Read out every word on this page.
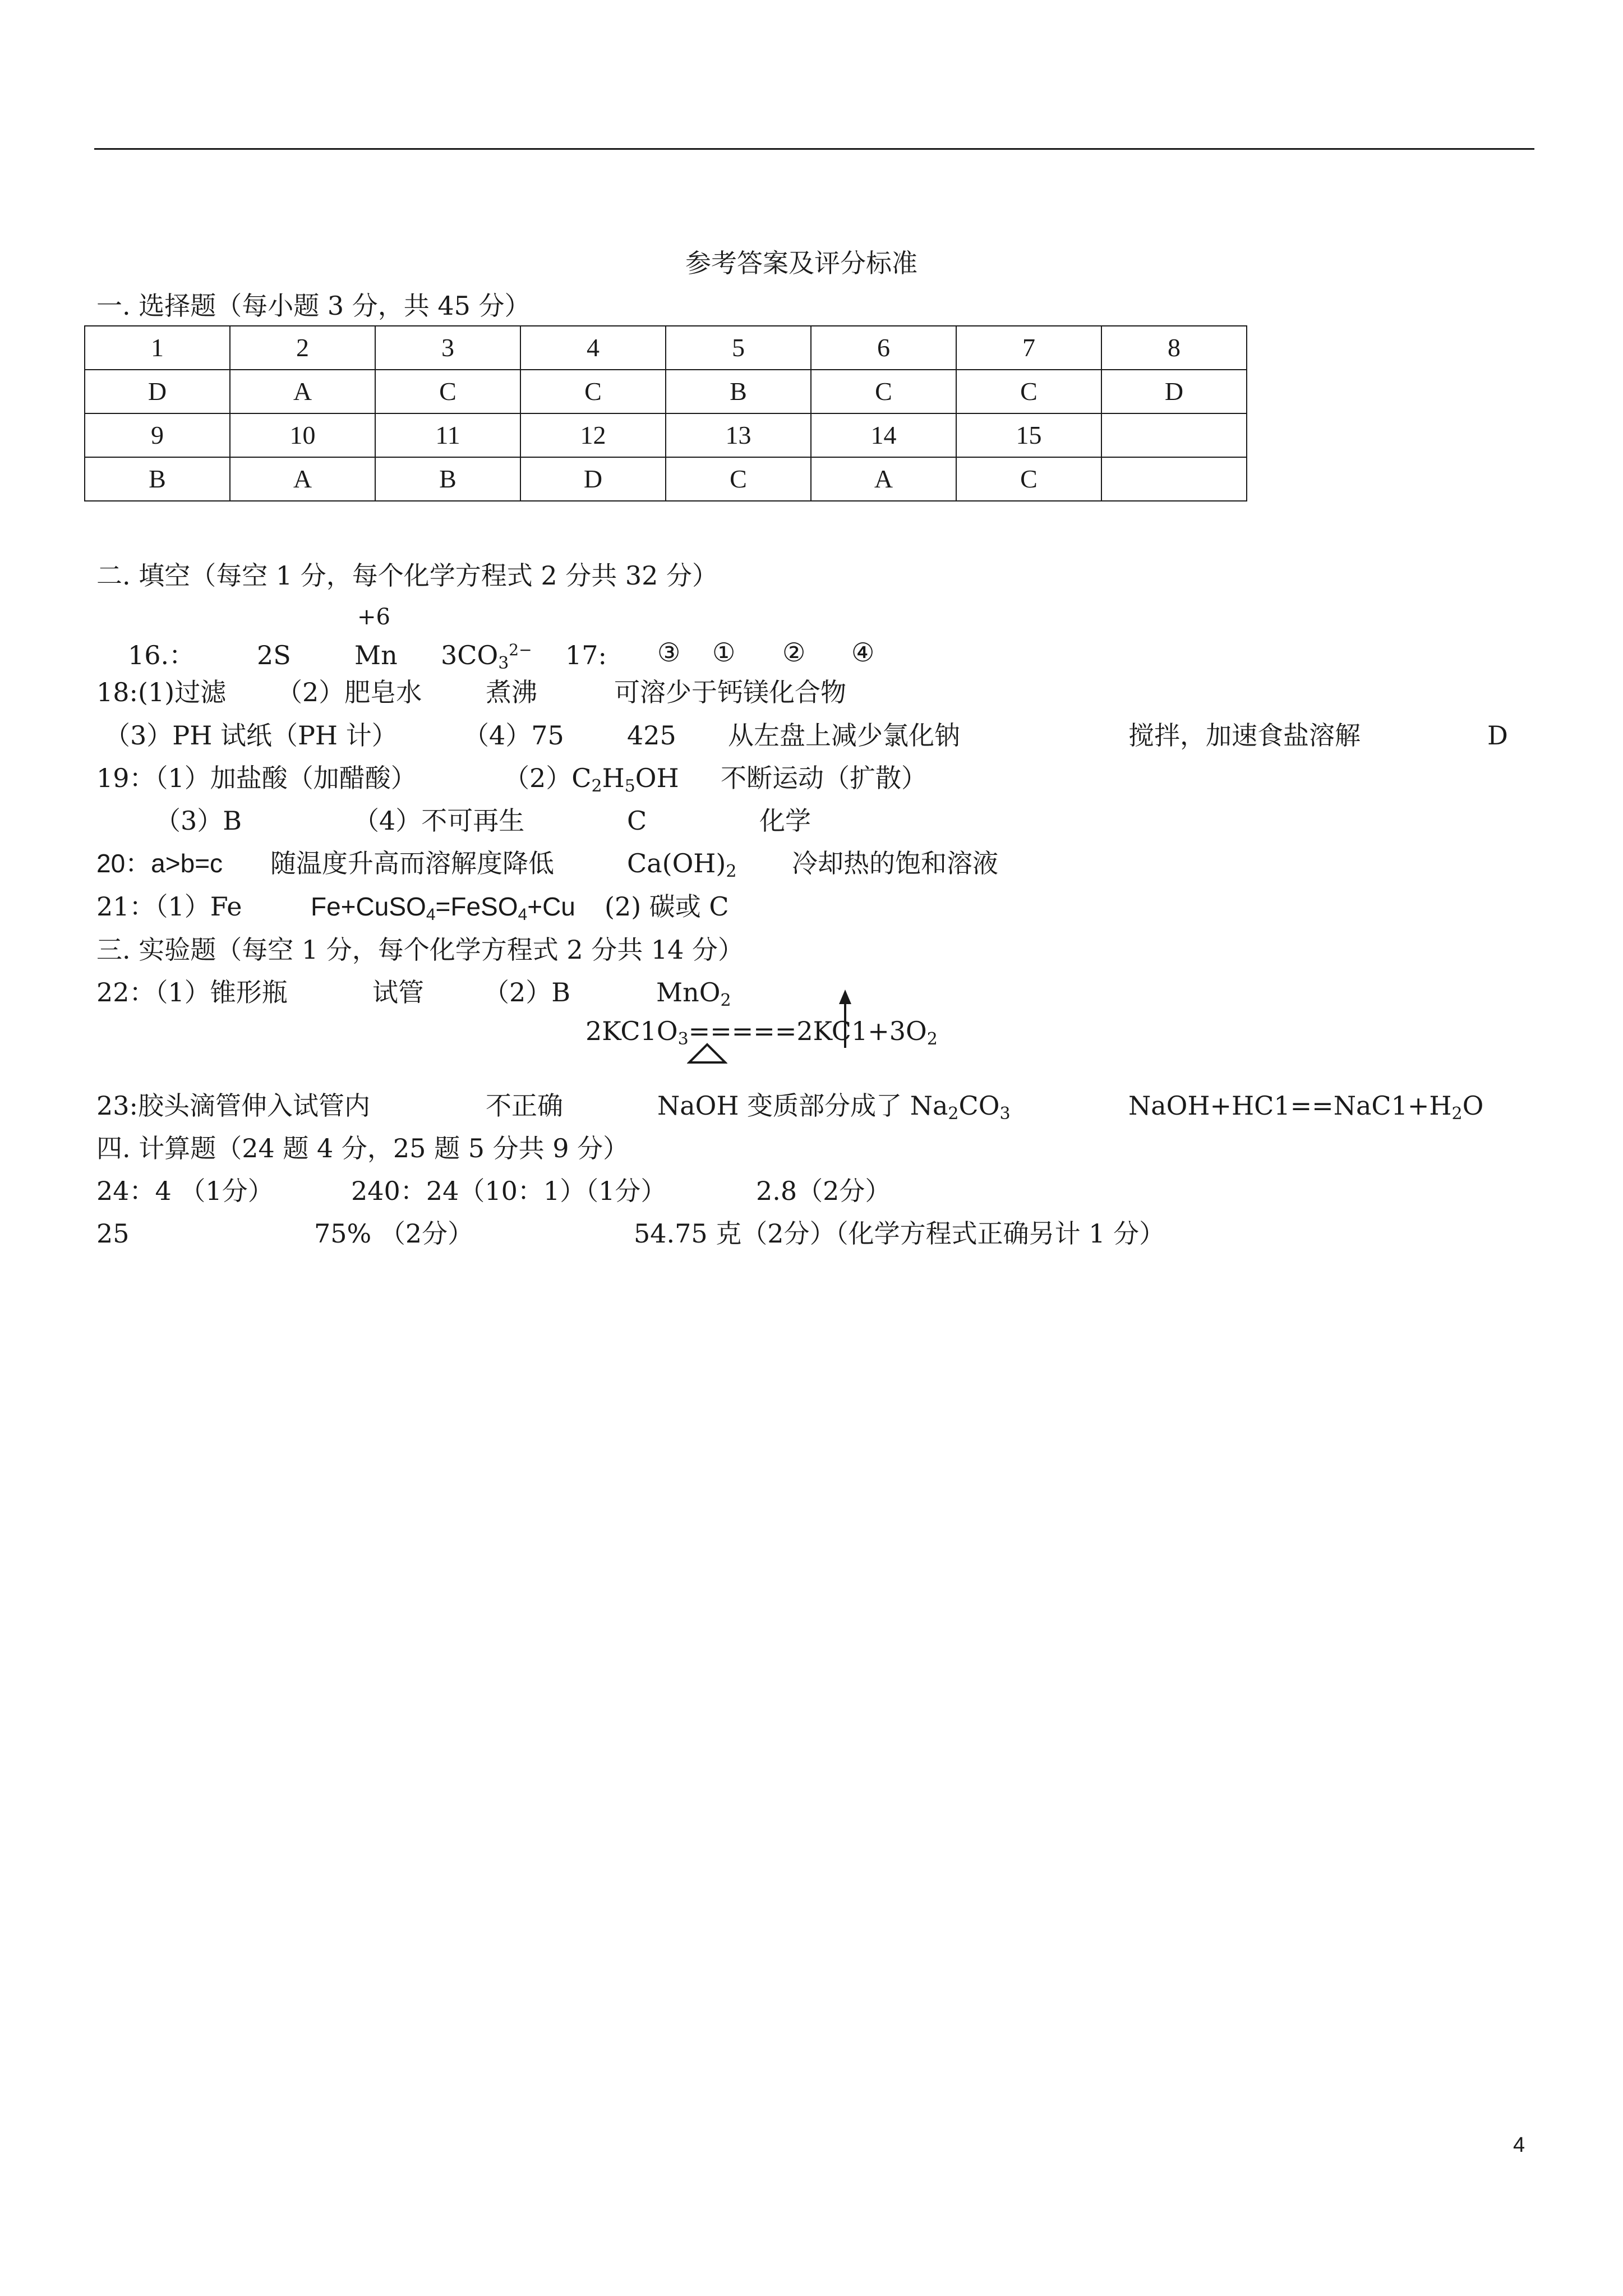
参考答案及评分标准
一. 选择题（每小题 3 分，共 45 分）
1	2	3	4	5	6	7	8
D	A	C	C	B	C	C	D
9	10	11	12	13	14	15	
B	A	B	D	C	A	C	
二. 填空（每空 1 分，每个化学方程式 2 分共 32 分）
+6
16.： 2S Mn $3CO_3^{2-}$ 17: ③ ① ② ④
18:(1)过滤 （2）肥皂水 煮沸	可溶少于钙镁化合物
（3）PH 试纸（PH 计）	（4）75 425 从左盘上减少氯化钠	搅拌，加速食盐溶解	D
19：（1）加盐酸（加醋酸）	$(2)C_2H_5OH$ 不断运动（扩散）
（3）B	（4）不可再生	C	化学
20：a>b=c 随温度升高而溶解度降低	$Ca(OH)_2$ 冷却热的饱和溶液
21：（1）Fe	Fe+CuSO$_4$=FeSO$_4$+Cu (2) 碳或 C
三. 实验题（每空 1 分，每个化学方程式 2 分共 14 分）
22：（1）锥形瓶	试管 （2）B	MnO$_2$
$2KC1O_3=====2KC1+3O_2$
23:胶头滴管伸入试管内	不正确	NaOH 变质部分成了 $Na_2CO_3$	$NaOH+HC1==NaC1+H_2O$
四. 计算题（24 题 4 分，25 题 5 分共 9 分）
24：4 （1分）	240：24（10：1）（1分）	2.8（2分）
25	75% （2分）	54.75 克（2分）（化学方程式正确另计 1 分）
4
